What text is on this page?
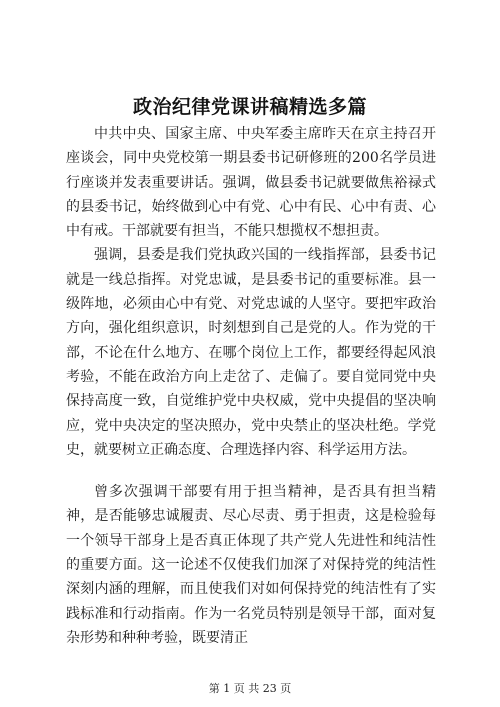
政治纪律党课讲稿精选多篇

中共中央、国家主席、中央军委主席昨天在京主持召开座谈会，同中央党校第一期县委书记研修班的200名学员进行座谈并发表重要讲话。强调，做县委书记就要做焦裕禄式的县委书记，始终做到心中有党、心中有民、心中有责、心中有戒。干部就要有担当，不能只想揽权不想担责。

强调，县委是我们党执政兴国的一线指挥部，县委书记就是一线总指挥。对党忠诚，是县委书记的重要标准。县一级阵地，必须由心中有党、对党忠诚的人坚守。要把牢政治方向，强化组织意识，时刻想到自己是党的人。作为党的干部，不论在什么地方、在哪个岗位上工作，都要经得起风浪考验，不能在政治方向上走岔了、走偏了。要自觉同党中央保持高度一致，自觉维护党中央权威，党中央提倡的坚决响应，党中央决定的坚决照办，党中央禁止的坚决杜绝。学党史，就要树立正确态度、合理选择内容、科学运用方法。

曾多次强调干部要有用于担当精神，是否具有担当精神，是否能够忠诚履责、尽心尽责、勇于担责，这是检验每一个领导干部身上是否真正体现了共产党人先进性和纯洁性的重要方面。这一论述不仅使我们加深了对保持党的纯洁性深刻内涵的理解，而且使我们对如何保持党的纯洁性有了实践标准和行动指南。作为一名党员特别是领导干部，面对复杂形势和种种考验，既要清正

第 1 页 共 23 页
